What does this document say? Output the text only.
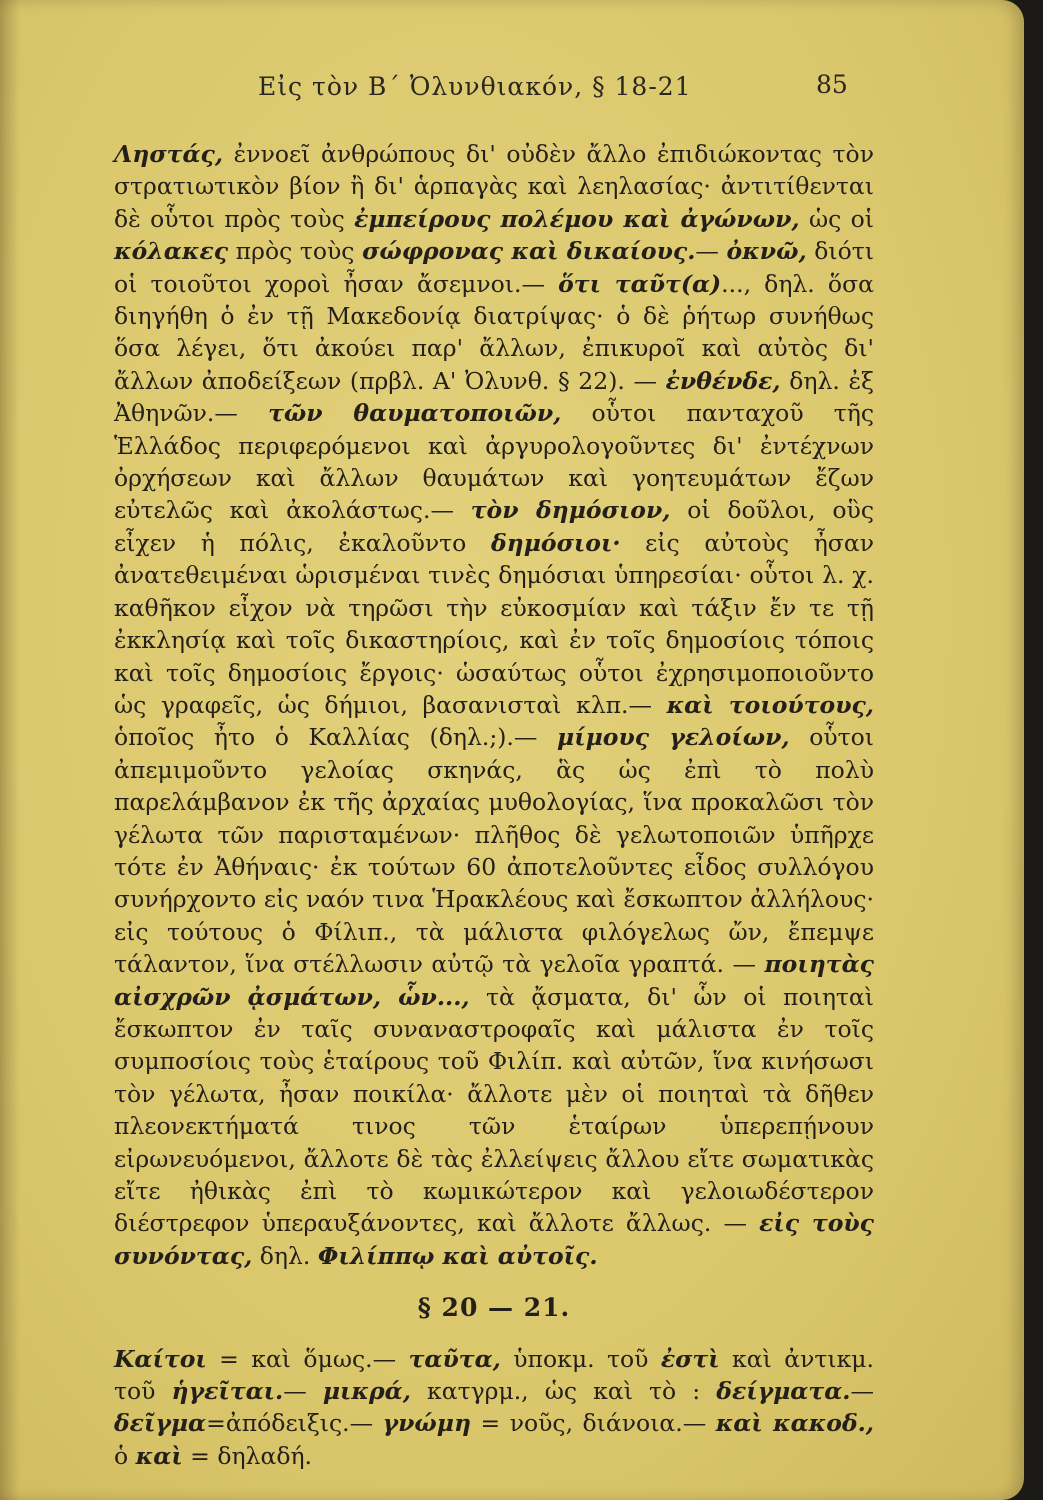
Εἰς τὸν Β΄ Ὀλυνθιακόν, § 18-21	85

Ληστάς, ἐννοεῖ ἀνθρώπους δι' οὐδὲν ἄλλο ἐπιδιώκοντας τὸν στρατιωτικὸν βίον ἢ δι' ἁρπαγὰς καὶ λεηλασίας· ἀντιτίθενται δὲ οὗτοι πρὸς τοὺς ἐμπείρους πολέμου καὶ ἀγώνων, ὡς οἱ κόλακες πρὸς τοὺς σώφρονας καὶ δικαίους.— ὀκνῶ, διότι οἱ τοιοῦτοι χοροὶ ἦσαν ἄσεμνοι.— ὅτι ταῦτ(α)..., δηλ. ὅσα διηγήθη ὁ ἐν τῇ Μακεδονίᾳ διατρίψας· ὁ δὲ ῥήτωρ συνήθως ὅσα λέγει, ὅτι ἀκούει παρ' ἄλλων, ἐπικυροῖ καὶ αὐτὸς δι' ἄλλων ἀποδείξεων (πρβλ. Α' Ὀλυνθ. § 22). — ἐνθένδε, δηλ. ἐξ Ἀθηνῶν.— τῶν θαυματοποιῶν, οὗτοι πανταχοῦ τῆς Ἑλλάδος περιφερόμενοι καὶ ἀργυρολογοῦντες δι' ἐντέχνων ὀρχήσεων καὶ ἄλλων θαυμάτων καὶ γοητευμάτων ἔζων εὐτελῶς καὶ ἀκολάστως.— τὸν δημόσιον, οἱ δοῦλοι, οὓς εἶχεν ἡ πόλις, ἐκαλοῦντο δημόσιοι· εἰς αὐτοὺς ἦσαν ἀνατεθειμέναι ὡρισμέναι τινὲς δημόσιαι ὑπηρεσίαι· οὗτοι λ. χ. καθῆκον εἶχον νὰ τηρῶσι τὴν εὐκοσμίαν καὶ τάξιν ἔν τε τῇ ἐκκλησίᾳ καὶ τοῖς δικαστηρίοις, καὶ ἐν τοῖς δημοσίοις τόποις καὶ τοῖς δημοσίοις ἔργοις· ὡσαύτως οὗτοι ἐχρησιμοποιοῦντο ὡς γραφεῖς, ὡς δήμιοι, βασανισταὶ κλπ.— καὶ τοιούτους, ὁποῖος ἦτο ὁ Καλλίας (δηλ.;).— μίμους γελοίων, οὗτοι ἀπεμιμοῦντο γελοίας σκηνάς, ἃς ὡς ἐπὶ τὸ πολὺ παρελάμβανον ἐκ τῆς ἀρχαίας μυθολογίας, ἵνα προκαλῶσι τὸν γέλωτα τῶν παρισταμένων· πλῆθος δὲ γελωτοποιῶν ὑπῆρχε τότε ἐν Ἀθήναις· ἐκ τούτων 60 ἀποτελοῦντες εἶδος συλλόγου συνήρχοντο εἰς ναόν τινα Ἡρακλέους καὶ ἔσκωπτον ἀλλήλους· εἰς τούτους ὁ Φίλιπ., τὰ μάλιστα φιλόγελως ὤν, ἔπεμψε τάλαντον, ἵνα στέλλωσιν αὐτῷ τὰ γελοῖα γραπτά. — ποιητὰς αἰσχρῶν ᾀσμάτων, ὧν..., τὰ ᾄσματα, δι' ὧν οἱ ποιηταὶ ἔσκωπτον ἐν ταῖς συναναστροφαῖς καὶ μάλιστα ἐν τοῖς συμποσίοις τοὺς ἑταίρους τοῦ Φιλίπ. καὶ αὐτῶν, ἵνα κινήσωσι τὸν γέλωτα, ἦσαν ποικίλα· ἄλλοτε μὲν οἱ ποιηταὶ τὰ δῆθεν πλεονεκτήματά τινος τῶν ἑταίρων ὑπερεπῄνουν εἰρωνευόμενοι, ἄλλοτε δὲ τὰς ἐλλείψεις ἄλλου εἴτε σωματικὰς εἴτε ἠθικὰς ἐπὶ τὸ κωμικώτερον καὶ γελοιωδέστερον διέστρεφον ὑπεραυξάνοντες, καὶ ἄλλοτε ἄλλως. — εἰς τοὺς συνόντας, δηλ. Φιλίππῳ καὶ αὐτοῖς.

§ 20 — 21.

Καίτοι = καὶ ὅμως.— ταῦτα, ὑποκμ. τοῦ ἐστὶ καὶ ἀντικμ. τοῦ ἡγεῖται.— μικρά, κατγρμ., ὡς καὶ τὸ : δείγματα.— δεῖγμα=ἀπόδειξις.— γνώμη = νοῦς, διάνοια.— καὶ κακοδ., ὁ καὶ = δηλαδή.
